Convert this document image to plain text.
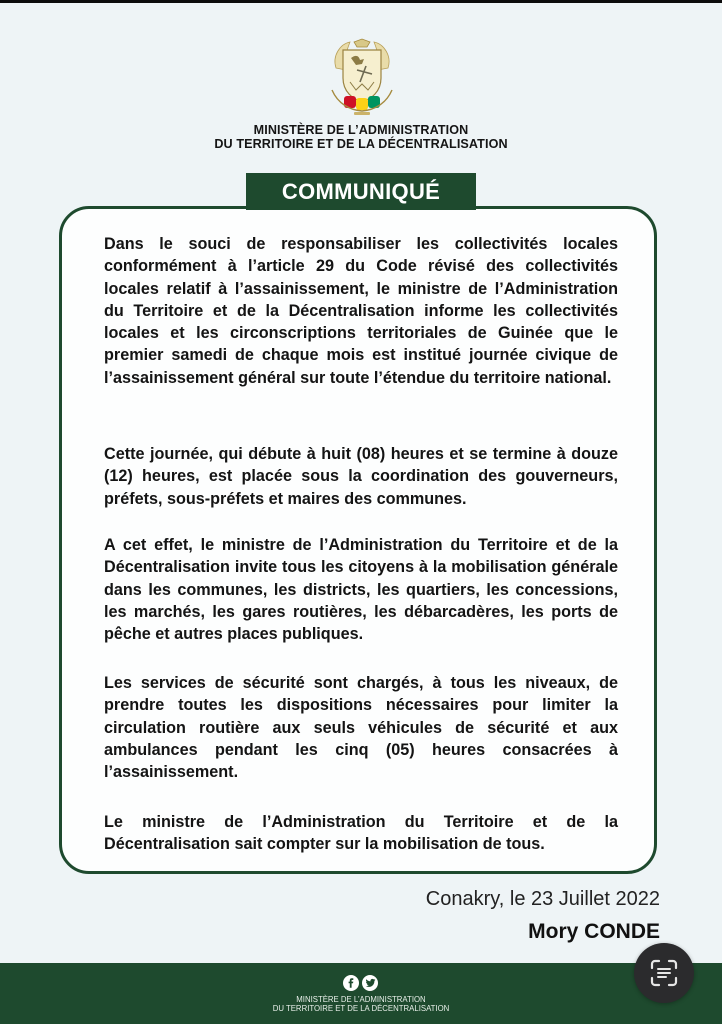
MINISTÈRE DE L’ADMINISTRATION
DU TERRITOIRE ET DE LA DÉCENTRALISATION
COMMUNIQUÉ

Dans le souci de responsabiliser les collectivités locales conformément à l’article 29 du Code révisé des collectivités locales relatif à l’assainissement, le ministre de l’Administration du Territoire et de la Décentralisation informe les collectivités locales et les circonscriptions territoriales de Guinée que le premier samedi de chaque mois est institué journée civique de l’assainissement général sur toute l’étendue du territoire national.

Cette journée, qui débute à huit (08) heures et se termine à douze (12) heures, est placée sous la coordination des gouverneurs, préfets, sous-préfets et maires des communes.

A cet effet, le ministre de l’Administration du Territoire et de la Décentralisation invite tous les citoyens à la mobilisation générale dans les communes, les districts, les quartiers, les concessions, les marchés, les gares routières, les débarcadères, les ports de pêche et autres places publiques.

Les services de sécurité sont chargés, à tous les niveaux, de prendre toutes les dispositions nécessaires pour limiter la circulation routière aux seuls véhicules de sécurité et aux ambulances pendant les cinq (05) heures consacrées à l’assainissement.

Le ministre de l’Administration du Territoire et de la Décentralisation sait compter sur la mobilisation de tous.

Conakry, le 23 Juillet 2022
Mory CONDE
MINISTÈRE DE L’ADMINISTRATION
DU TERRITOIRE ET DE LA DÉCENTRALISATION
